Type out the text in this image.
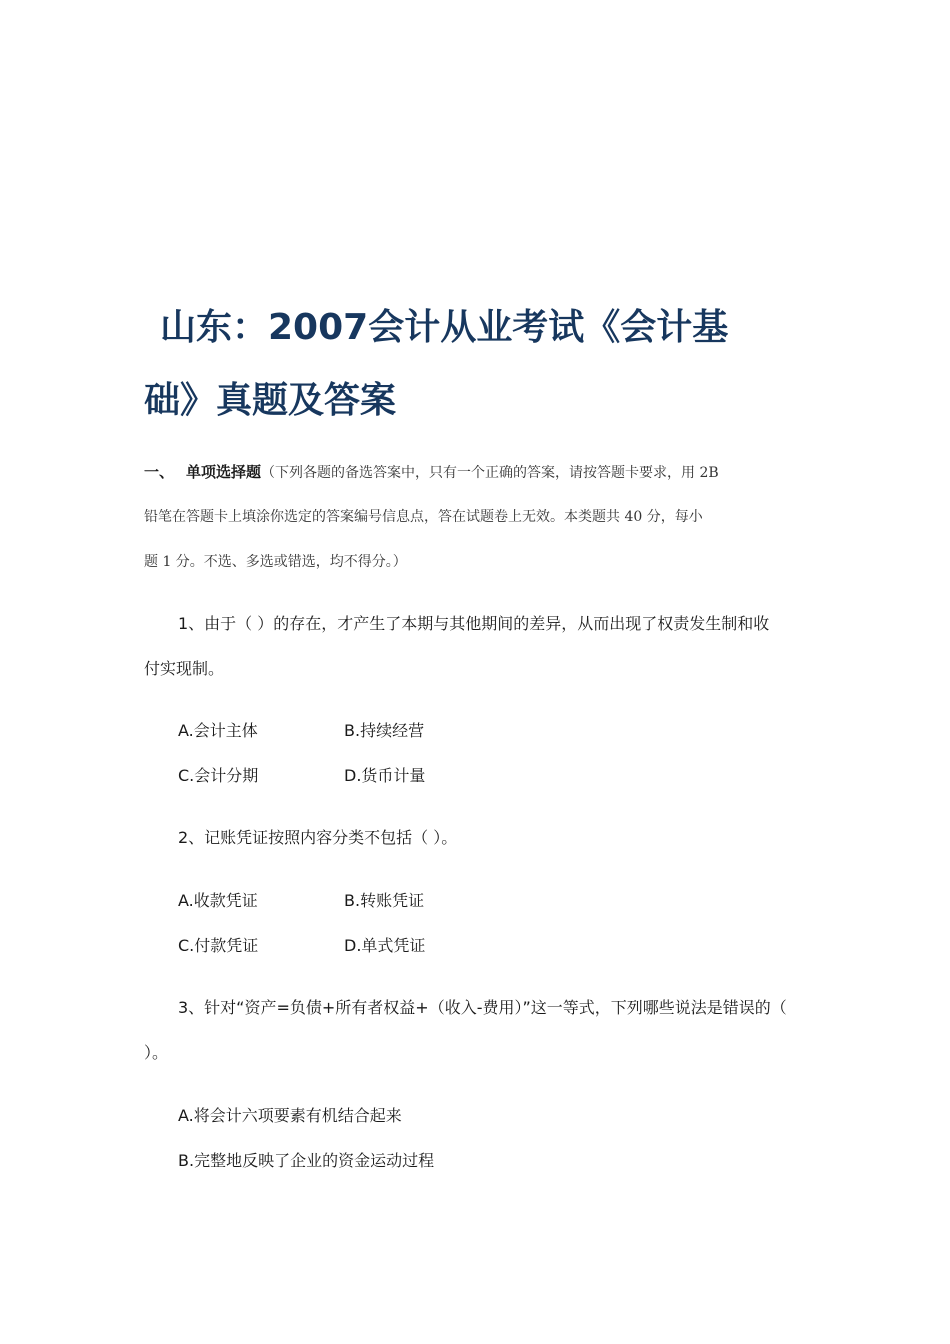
山东：2007会计从业考试《会计基
础》真题及答案
一、 单项选择题（下列各题的备选答案中，只有一个正确的答案，请按答题卡要求，用 2B
铅笔在答题卡上填涂你选定的答案编号信息点，答在试题卷上无效。本类题共 40 分，每小
题 1 分。不选、多选或错选，均不得分。）
1、由于（ ）的存在，才产生了本期与其他期间的差异，从而出现了权责发生制和收
付实现制。
A.会计主体	B.持续经营
C.会计分期	D.货币计量
2、记账凭证按照内容分类不包括（ ）。
A.收款凭证	B.转账凭证
C.付款凭证	D.单式凭证
3、针对“资产=负债+所有者权益+（收入-费用）”这一等式，下列哪些说法是错误的（
）。
A.将会计六项要素有机结合起来
B.完整地反映了企业的资金运动过程
